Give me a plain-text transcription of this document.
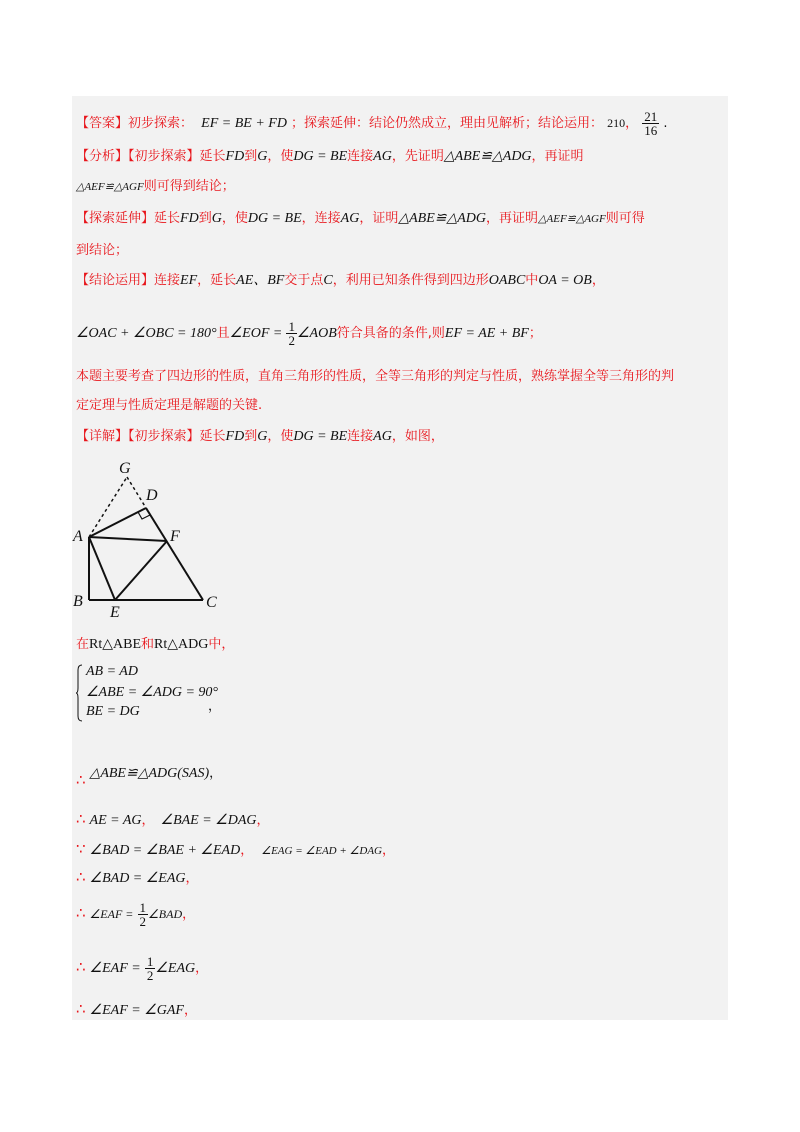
【答案】初步探索： EF = BE + FD ；探索延伸：结论仍然成立，理由见解析；结论运用： 210， $\frac{21}{16}$ .
【分析】【初步探索】延长FD到G，使DG = BE连接AG，先证明△ABE≌△ADG，再证明
△AEF≌△AGF则可得到结论；
【探索延伸】延长FD到G，使DG = BE，连接AG，证明△ABE≌△ADG，再证明△AEF≌△AGF则可得
到结论；
【结论运用】连接EF，延长AE、BF交于点C，利用已知条件得到四边形OABC中OA = OB，
∠OAC + ∠OBC = 180°且∠EOF = $\frac{1}{2}$ ∠AOB符合具备的条件,则EF = AE + BF；
本题主要考查了四边形的性质，直角三角形的性质，全等三角形的判定与性质，熟练掌握全等三角形的判
定定理与性质定理是解题的关键.
【详解】【初步探索】延长FD到G，使DG = BE连接AG，如图，
G
D
A	F
B
E
C
在Rt△ABE和Rt△ADG中，
AB = AD
∠ABE = ∠ADG = 90°
BE = DG	，
∴ △ABE≌△ADG(SAS)，
∴ AE = AG， ∠BAE = ∠DAG，
∵ ∠BAD = ∠BAE + ∠EAD， ∠EAG = ∠EAD + ∠DAG，
∴ ∠BAD = ∠EAG，
∴ ∠EAF = $\frac{1}{2}$ ∠BAD，
∴ ∠EAF = $\frac{1}{2}$ ∠EAG，
∴ ∠EAF = ∠GAF，
